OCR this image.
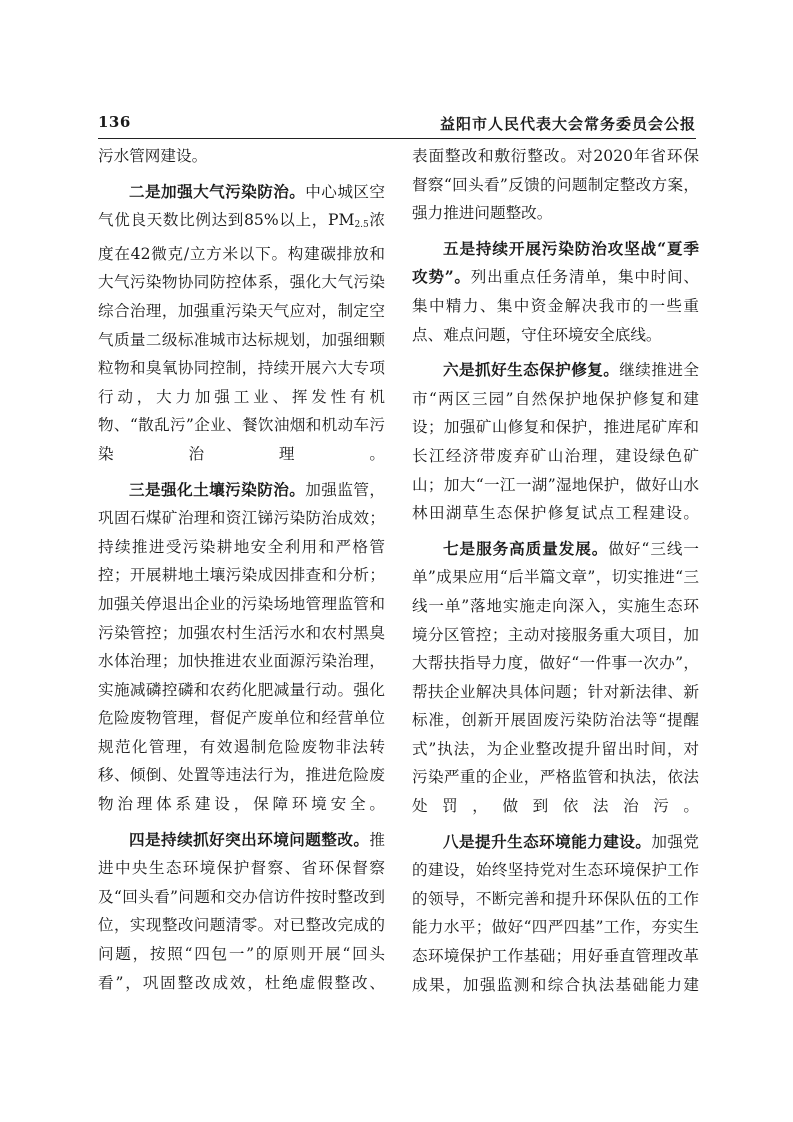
136	益阳市人民代表大会常务委员会公报

污水管网建设。

二是加强大气污染防治。中心城区空气优良天数比例达到85%以上，$PM_{2.5}$浓度在42微克/立方米以下。构建碳排放和大气污染物协同防控体系，强化大气污染综合治理，加强重污染天气应对，制定空气质量二级标准城市达标规划，加强细颗粒物和臭氧协同控制，持续开展六大专项行动，大力加强工业、挥发性有机物、“散乱污”企业、餐饮油烟和机动车污染治理。

三是强化土壤污染防治。加强监管，巩固石煤矿治理和资江锑污染防治成效；持续推进受污染耕地安全利用和严格管控；开展耕地土壤污染成因排查和分析；加强关停退出企业的污染场地管理监管和污染管控；加强农村生活污水和农村黑臭水体治理；加快推进农业面源污染治理，实施减磷控磷和农药化肥减量行动。强化危险废物管理，督促产废单位和经营单位规范化管理，有效遏制危险废物非法转移、倾倒、处置等违法行为，推进危险废物治理体系建设，保障环境安全。

四是持续抓好突出环境问题整改。推进中央生态环境保护督察、省环保督察及“回头看”问题和交办信访件按时整改到位，实现整改问题清零。对已整改完成的问题，按照“四包一”的原则开展“回头看”，巩固整改成效，杜绝虚假整改、

表面整改和敷衍整改。对2020年省环保督察“回头看”反馈的问题制定整改方案，强力推进问题整改。

五是持续开展污染防治攻坚战“夏季攻势”。列出重点任务清单，集中时间、集中精力、集中资金解决我市的一些重点、难点问题，守住环境安全底线。

六是抓好生态保护修复。继续推进全市“两区三园”自然保护地保护修复和建设；加强矿山修复和保护，推进尾矿库和长江经济带废弃矿山治理，建设绿色矿山；加大“一江一湖”湿地保护，做好山水林田湖草生态保护修复试点工程建设。

七是服务高质量发展。做好“三线一单”成果应用“后半篇文章”，切实推进“三线一单”落地实施走向深入，实施生态环境分区管控；主动对接服务重大项目，加大帮扶指导力度，做好“一件事一次办”，帮扶企业解决具体问题；针对新法律、新标准，创新开展固废污染防治法等“提醒式”执法，为企业整改提升留出时间，对污染严重的企业，严格监管和执法，依法处罚，做到依法治污。

八是提升生态环境能力建设。加强党的建设，始终坚持党对生态环境保护工作的领导，不断完善和提升环保队伍的工作能力水平；做好“四严四基”工作，夯实生态环境保护工作基础；用好垂直管理改革成果，加强监测和综合执法基础能力建
